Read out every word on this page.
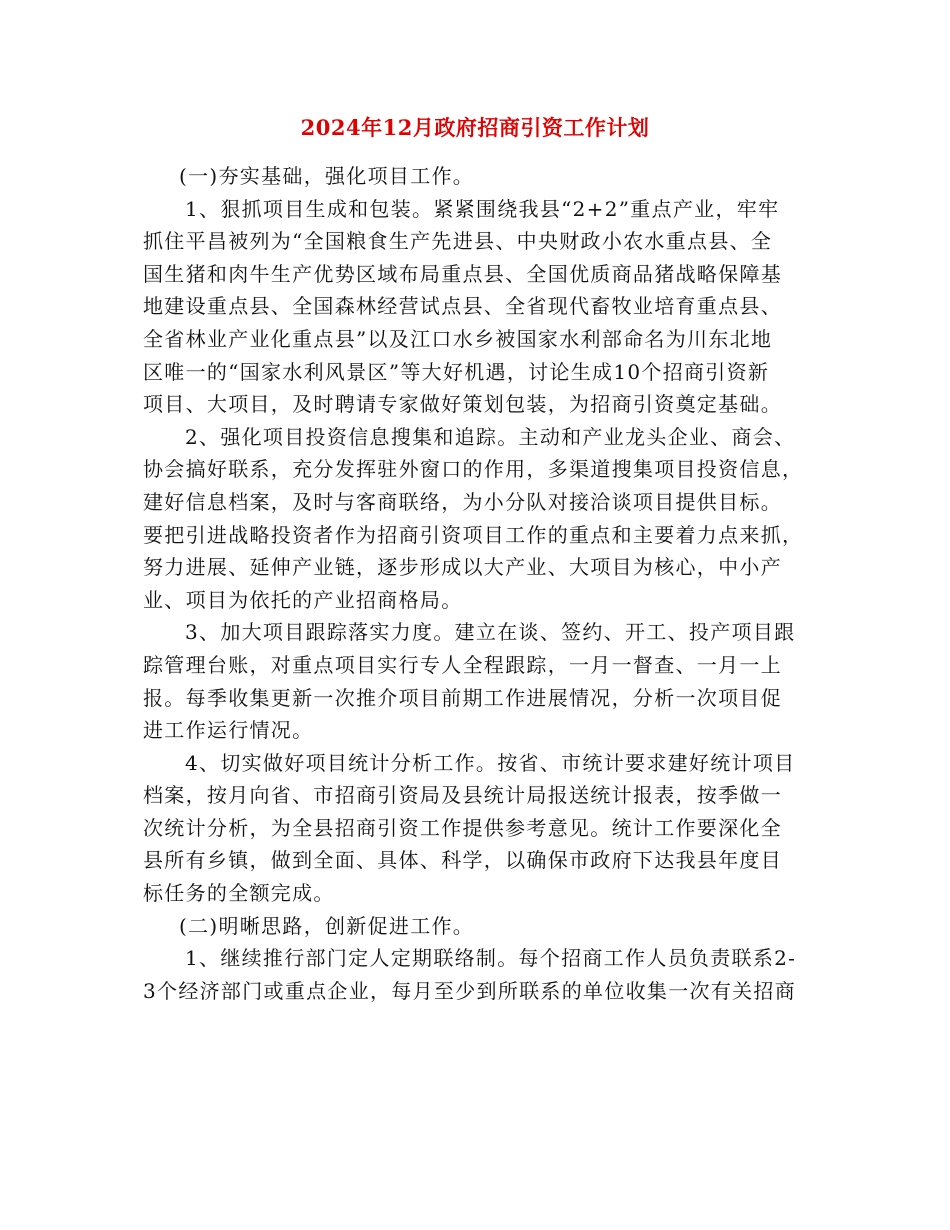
2024年12月政府招商引资工作计划
(一)夯实基础，强化项目工作。
1、狠抓项目生成和包装。紧紧围绕我县“2+2”重点产业，牢牢
抓住平昌被列为“全国粮食生产先进县、中央财政小农水重点县、全
国生猪和肉牛生产优势区域布局重点县、全国优质商品猪战略保障基
地建设重点县、全国森林经营试点县、全省现代畜牧业培育重点县、
全省林业产业化重点县”以及江口水乡被国家水利部命名为川东北地
区唯一的“国家水利风景区”等大好机遇，讨论生成10个招商引资新
项目、大项目，及时聘请专家做好策划包装，为招商引资奠定基础。
2、强化项目投资信息搜集和追踪。主动和产业龙头企业、商会、
协会搞好联系，充分发挥驻外窗口的作用，多渠道搜集项目投资信息，
建好信息档案，及时与客商联络，为小分队对接洽谈项目提供目标。
要把引进战略投资者作为招商引资项目工作的重点和主要着力点来抓，
努力进展、延伸产业链，逐步形成以大产业、大项目为核心，中小产
业、项目为依托的产业招商格局。
3、加大项目跟踪落实力度。建立在谈、签约、开工、投产项目跟
踪管理台账，对重点项目实行专人全程跟踪，一月一督查、一月一上
报。每季收集更新一次推介项目前期工作进展情况，分析一次项目促
进工作运行情况。
4、切实做好项目统计分析工作。按省、市统计要求建好统计项目
档案，按月向省、市招商引资局及县统计局报送统计报表，按季做一
次统计分析，为全县招商引资工作提供参考意见。统计工作要深化全
县所有乡镇，做到全面、具体、科学，以确保市政府下达我县年度目
标任务的全额完成。
(二)明晰思路，创新促进工作。
1、继续推行部门定人定期联络制。每个招商工作人员负责联系2-
3个经济部门或重点企业，每月至少到所联系的单位收集一次有关招商
